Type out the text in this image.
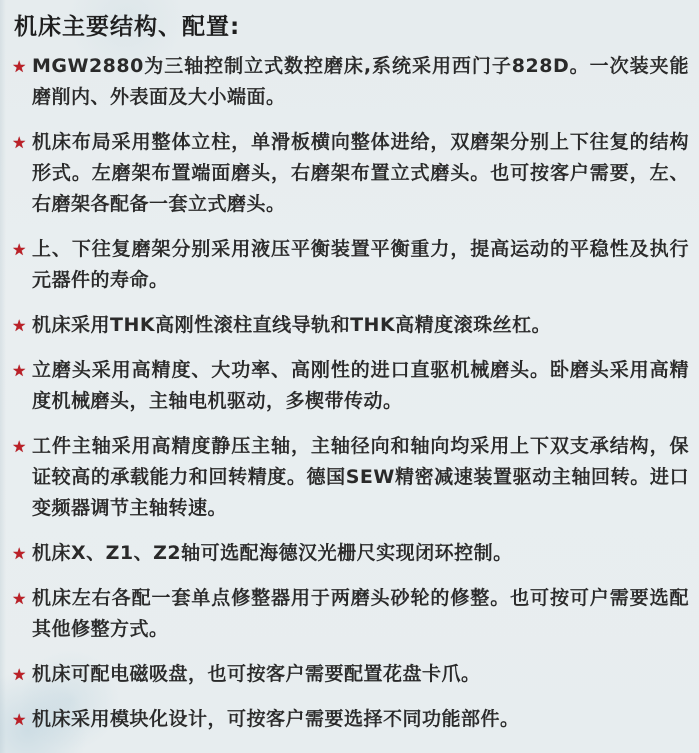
机床主要结构、配置:
★ MGW2880为三轴控制立式数控磨床,系统采用西门子828D。一次装夹能磨削内、外表面及大小端面。
★ 机床布局采用整体立柱，单滑板横向整体进给，双磨架分别上下往复的结构形式。左磨架布置端面磨头，右磨架布置立式磨头。也可按客户需要，左、右磨架各配备一套立式磨头。
★ 上、下往复磨架分别采用液压平衡装置平衡重力，提高运动的平稳性及执行元器件的寿命。
★ 机床采用THK高刚性滚柱直线导轨和THK高精度滚珠丝杠。
★ 立磨头采用高精度、大功率、高刚性的进口直驱机械磨头。卧磨头采用高精度机械磨头，主轴电机驱动，多楔带传动。
★ 工件主轴采用高精度静压主轴，主轴径向和轴向均采用上下双支承结构，保证较高的承载能力和回转精度。德国SEW精密减速装置驱动主轴回转。进口变频器调节主轴转速。
★ 机床X、Z1、Z2轴可选配海德汉光栅尺实现闭环控制。
★ 机床左右各配一套单点修整器用于两磨头砂轮的修整。也可按可户需要选配其他修整方式。
★ 机床可配电磁吸盘，也可按客户需要配置花盘卡爪。
★ 机床采用模块化设计，可按客户需要选择不同功能部件。
